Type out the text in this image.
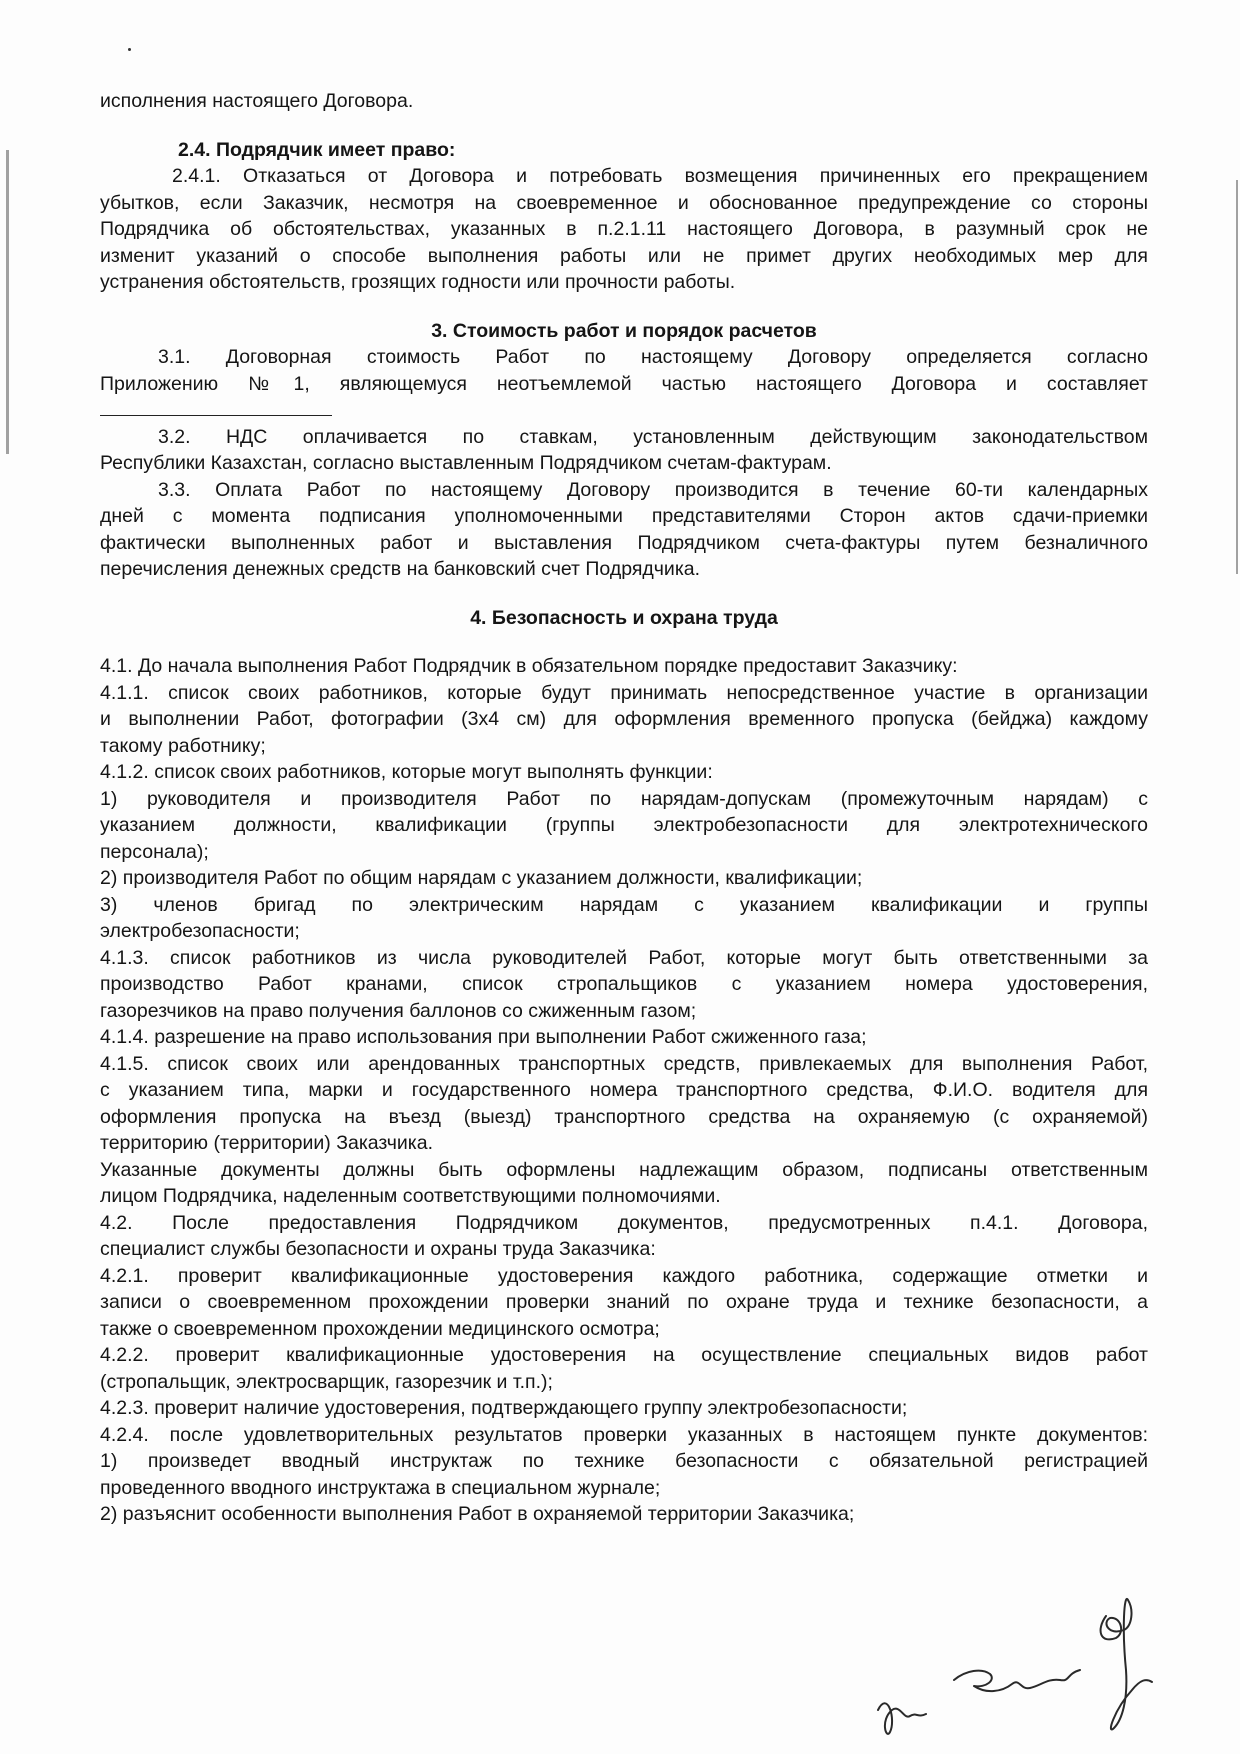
исполнения настоящего Договора.
2.4. Подрядчик имеет право:
2.4.1. Отказаться от Договора и потребовать возмещения причиненных его прекращением
убытков, если Заказчик, несмотря на своевременное и обоснованное предупреждение со стороны
Подрядчика об обстоятельствах, указанных в п.2.1.11 настоящего Договора, в разумный срок не
изменит указаний о способе выполнения работы или не примет других необходимых мер для
устранения обстоятельств, грозящих годности или прочности работы.
3. Стоимость работ и порядок расчетов
3.1. Договорная стоимость Работ по настоящему Договору определяется согласно
Приложению №1, являющемуся неотъемлемой частью настоящего Договора и составляет
3.2. НДС оплачивается по ставкам, установленным действующим законодательством
Республики Казахстан, согласно выставленным Подрядчиком счетам-фактурам.
3.3. Оплата Работ по настоящему Договору производится в течение 60-ти календарных
дней с момента подписания уполномоченными представителями Сторон актов сдачи-приемки
фактически выполненных работ и выставления Подрядчиком счета-фактуры путем безналичного
перечисления денежных средств на банковский счет Подрядчика.
4. Безопасность и охрана труда
4.1. До начала выполнения Работ Подрядчик в обязательном порядке предоставит Заказчику:
4.1.1. список своих работников, которые будут принимать непосредственное участие в организации
и выполнении Работ, фотографии (3х4 см) для оформления временного пропуска (бейджа) каждому
такому работнику;
4.1.2. список своих работников, которые могут выполнять функции:
1) руководителя и производителя Работ по нарядам-допускам (промежуточным нарядам) с
указанием должности, квалификации (группы электробезопасности для электротехнического
персонала);
2) производителя Работ по общим нарядам с указанием должности, квалификации;
3) членов бригад по электрическим нарядам с указанием квалификации и группы
электробезопасности;
4.1.3. список работников из числа руководителей Работ, которые могут быть ответственными за
производство Работ кранами, список стропальщиков с указанием номера удостоверения,
газорезчиков на право получения баллонов со сжиженным газом;
4.1.4. разрешение на право использования при выполнении Работ сжиженного газа;
4.1.5. список своих или арендованных транспортных средств, привлекаемых для выполнения Работ,
с указанием типа, марки и государственного номера транспортного средства, Ф.И.О. водителя для
оформления пропуска на въезд (выезд) транспортного средства на охраняемую (с охраняемой)
территорию (территории) Заказчика.
Указанные документы должны быть оформлены надлежащим образом, подписаны ответственным
лицом Подрядчика, наделенным соответствующими полномочиями.
4.2. После предоставления Подрядчиком документов, предусмотренных п.4.1. Договора,
специалист службы безопасности и охраны труда Заказчика:
4.2.1. проверит квалификационные удостоверения каждого работника, содержащие отметки и
записи о своевременном прохождении проверки знаний по охране труда и технике безопасности, а
также о своевременном прохождении медицинского осмотра;
4.2.2. проверит квалификационные удостоверения на осуществление специальных видов работ
(стропальщик, электросварщик, газорезчик и т.п.);
4.2.3. проверит наличие удостоверения, подтверждающего группу электробезопасности;
4.2.4. после удовлетворительных результатов проверки указанных в настоящем пункте документов:
1) произведет вводный инструктаж по технике безопасности с обязательной регистрацией
проведенного вводного инструктажа в специальном журнале;
2) разъяснит особенности выполнения Работ в охраняемой территории Заказчика;
